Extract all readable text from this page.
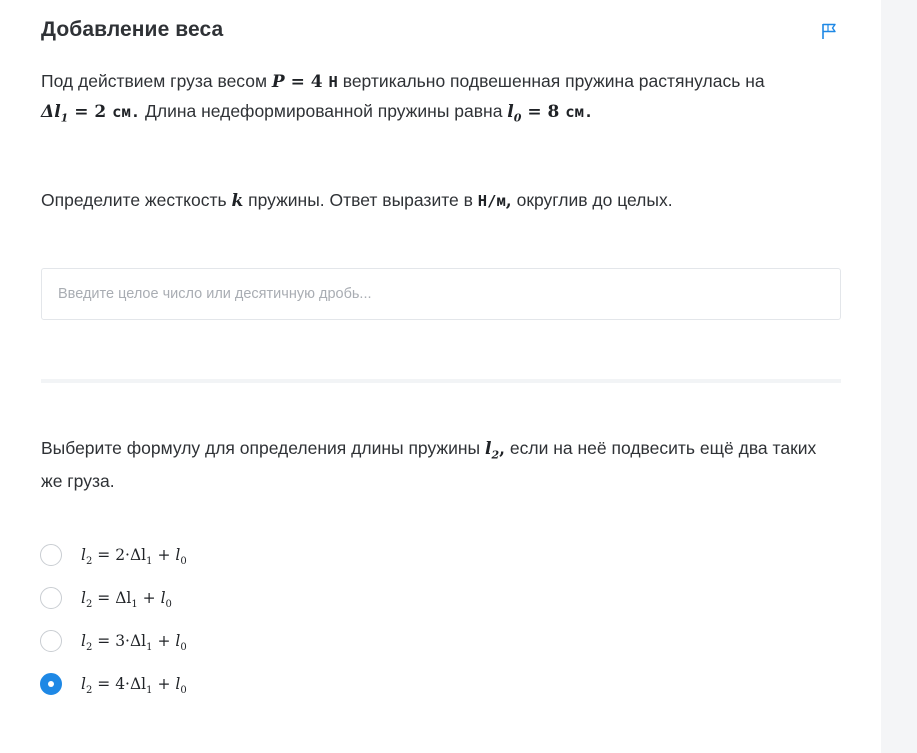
Добавление веса
Под действием груза весом P = 4 Н вертикально подвешенная пружина растянулась на
$\Delta l_1 = 2$ см. Длина недеформированной пружины равна $l_0 = 8$ см.
Определите жесткость k пружины. Ответ выразите в Н/м, округлив до целых.
Введите целое число или десятичную дробь...
Выберите формулу для определения длины пружины $l_2$, если на неё подвесить ещё два таких же груза.
$l_2 = 2\cdot\Delta l_1 + l_0$
$l_2 = \Delta l_1 + l_0$
$l_2 = 3\cdot\Delta l_1 + l_0$
$l_2 = 4\cdot\Delta l_1 + l_0$
